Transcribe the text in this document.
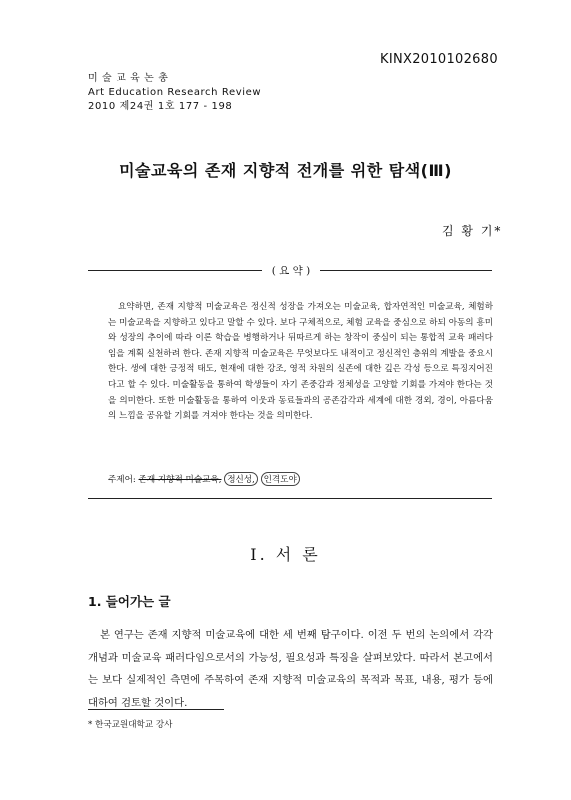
KINX2010102680
미 술 교 육 논 총
Art Education Research Review
2010 제24권 1호 177 - 198
미술교육의 존재 지향적 전개를 위한 탐색(Ⅲ)
김 황 기*
( 요 약 )
요약하면, 존재 지향적 미술교육은 정신적 성장을 가져오는 미술교육, 합자연적인 미술교육, 체험하는 미술교육을 지향하고 있다고 말할 수 있다. 보다 구체적으로, 체험 교육을 중심으로 하되 아동의 흥미와 성장의 추이에 따라 이론 학습을 병행하거나 뒤따르게 하는 창작이 중심이 되는 통합적 교육 패러다임을 계획 실천하려 한다. 존재 지향적 미술교육은 무엇보다도 내적이고 정신적인 층위의 계발을 중요시한다. 생에 대한 긍정적 태도, 현재에 대한 강조, 영적 차원의 실존에 대한 깊은 각성 등으로 특징지어진다고 할 수 있다. 미술활동을 통하여 학생들이 자기 존중감과 정체성을 고양할 기회를 가져야 한다는 것을 의미한다. 또한 미술활동을 통하여 이웃과 동료들과의 공존감각과 세계에 대한 경외, 경이, 아름다움의 느낌을 공유할 기회를 겨져야 한다는 것을 의미한다.
주제어: 존재 지향적 미술교육, 정신성, 인격도야
Ⅰ. 서 론
1. 들어가는 글
본 연구는 존재 지향적 미술교육에 대한 세 번째 탐구이다. 이전 두 번의 논의에서 각각 개념과 미술교육 패러다임으로서의 가능성, 필요성과 특징을 살펴보았다. 따라서 본고에서는 보다 실제적인 측면에 주목하여 존재 지향적 미술교육의 목적과 목표, 내용, 평가 등에 대하여 검토할 것이다.
* 한국교원대학교 강사
